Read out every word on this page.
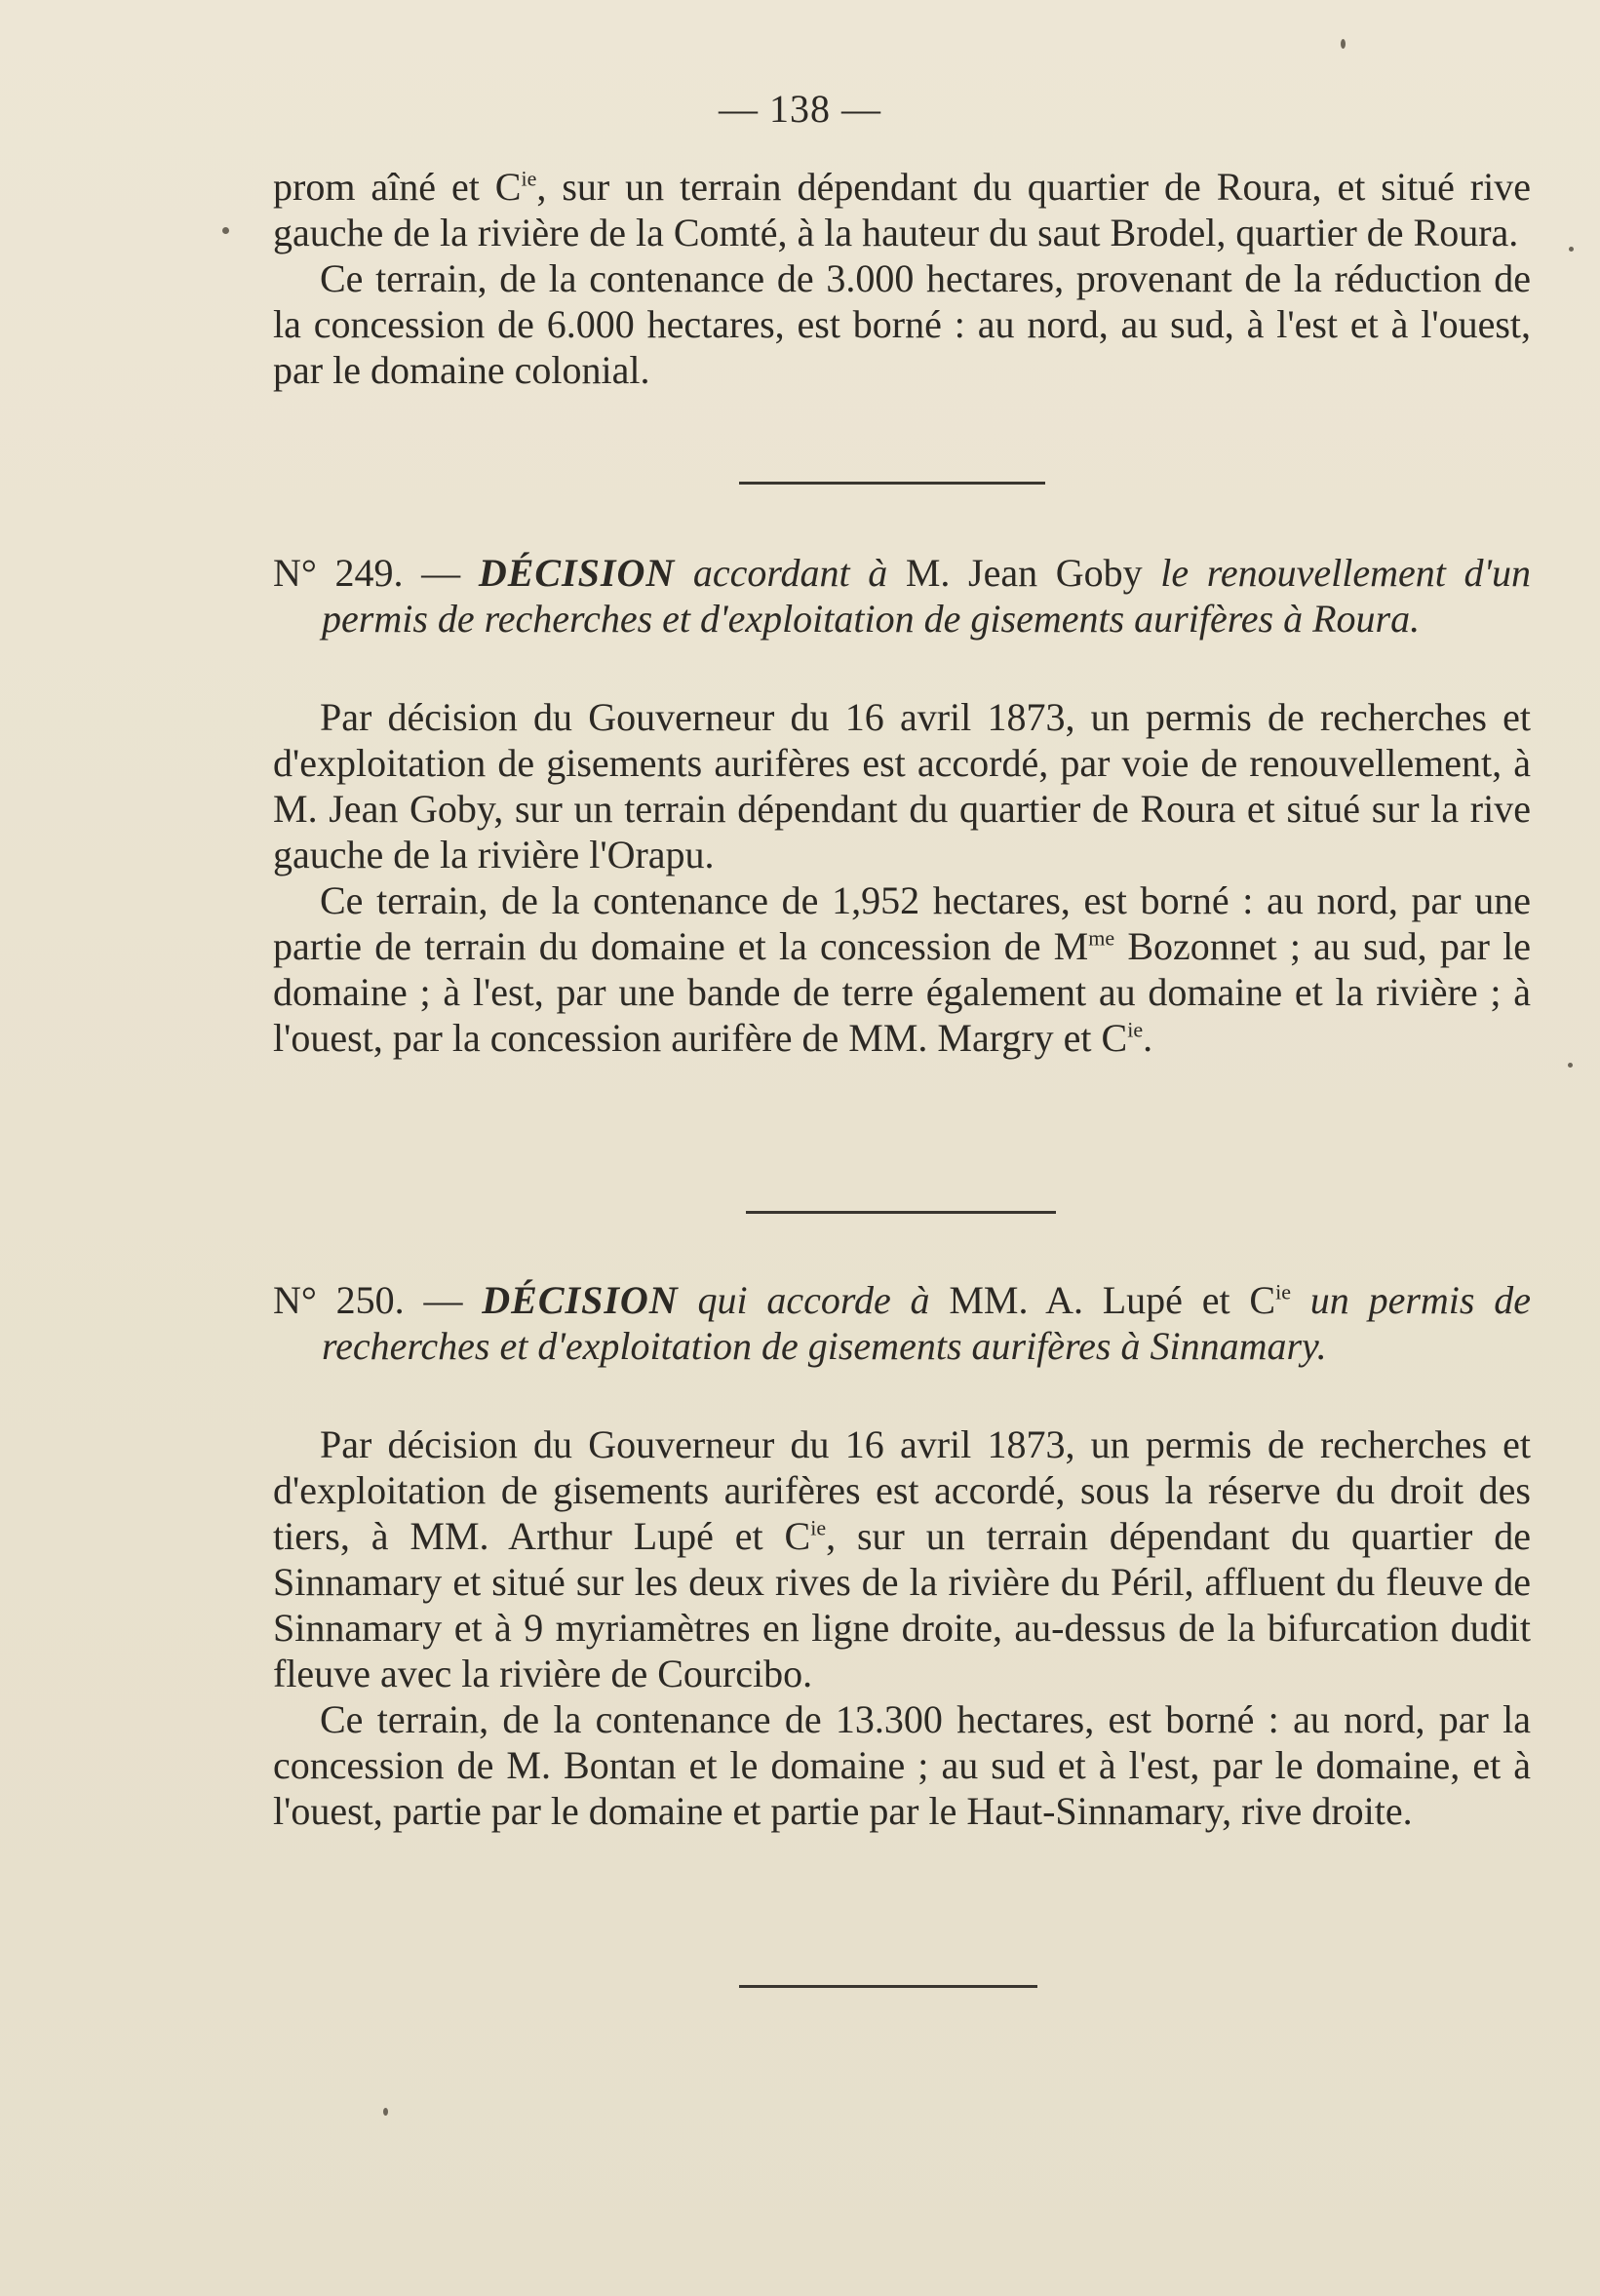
— 138 —

prom aîné et $C^{ie}$, sur un terrain dépendant du quartier de Roura, et situé rive gauche de la rivière de la Comté, à la hauteur du saut Brodel, quartier de Roura.

Ce terrain, de la contenance de 3.000 hectares, provenant de la réduction de la concession de 6.000 hectares, est borné : au nord, au sud, à l'est et à l'ouest, par le domaine colonial.

N° 249. — DÉCISION accordant à M. Jean Goby le renouvellement d'un permis de recherches et d'exploitation de gisements aurifères à Roura.

Par décision du Gouverneur du 16 avril 1873, un permis de recherches et d'exploitation de gisements aurifères est accordé, par voie de renouvellement, à M. Jean Goby, sur un terrain dépendant du quartier de Roura et situé sur la rive gauche de la rivière l'Orapu.

Ce terrain, de la contenance de 1,952 hectares, est borné : au nord, par une partie de terrain du domaine et la concession de $M^{me}$ Bozonnet ; au sud, par le domaine ; à l'est, par une bande de terre également au domaine et la rivière ; à l'ouest, par la concession aurifère de MM. Margry et $C^{ie}$.

N° 250. — DÉCISION qui accorde à MM. A. Lupé et $C^{ie}$ un permis de recherches et d'exploitation de gisements aurifères à Sinnamary.

Par décision du Gouverneur du 16 avril 1873, un permis de recherches et d'exploitation de gisements aurifères est accordé, sous la réserve du droit des tiers, à MM. Arthur Lupé et $C^{ie}$, sur un terrain dépendant du quartier de Sinnamary et situé sur les deux rives de la rivière du Péril, affluent du fleuve de Sinnamary et à 9 myriamètres en ligne droite, au-dessus de la bifurcation dudit fleuve avec la rivière de Courcibo.

Ce terrain, de la contenance de 13.300 hectares, est borné : au nord, par la concession de M. Bontan et le domaine ; au sud et à l'est, par le domaine, et à l'ouest, partie par le domaine et partie par le Haut-Sinnamary, rive droite.
